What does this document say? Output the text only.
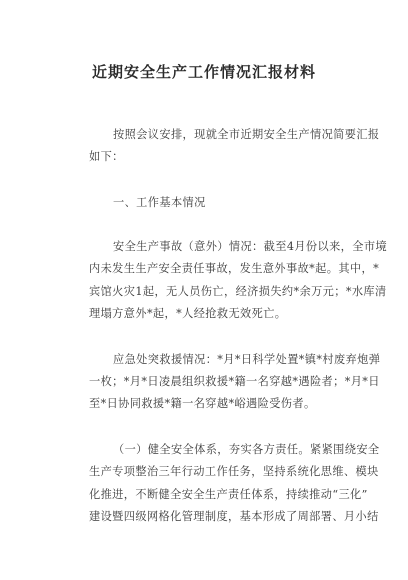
近期安全生产工作情况汇报材料
按照会议安排，现就全市近期安全生产情况简要汇报
如下：
一、工作基本情况
安全生产事故（意外）情况：截至4月份以来，全市境
内未发生生产安全责任事故，发生意外事故*起。其中，*
宾馆火灾1起，无人员伤亡，经济损失约*余万元；*水库清
理塌方意外*起，*人经抢救无效死亡。
应急处突救援情况：*月*日科学处置*镇*村废弃炮弹
一枚；*月*日凌晨组织救援*籍一名穿越*遇险者；*月*日
至*日协同救援*籍一名穿越*峪遇险受伤者。
（一）健全安全体系，夯实各方责任。紧紧围绕安全
生产专项整治三年行动工作任务，坚持系统化思维、模块
化推进，不断健全安全生产责任体系，持续推动“三化”
建设暨四级网格化管理制度，基本形成了周部署、月小结
